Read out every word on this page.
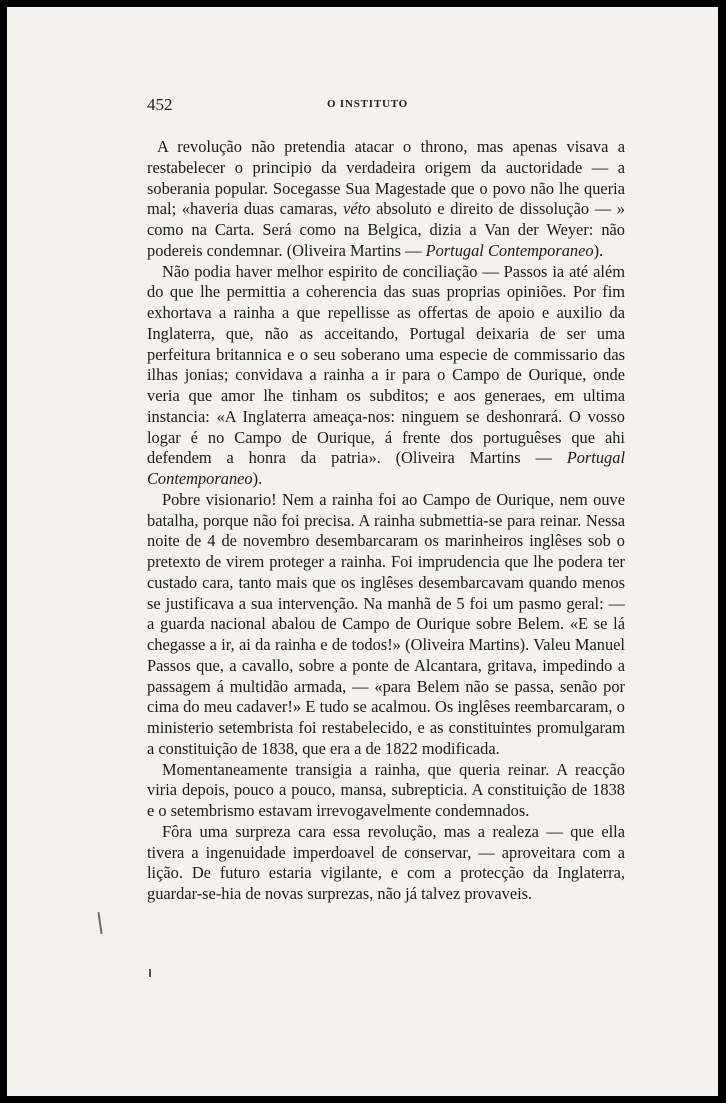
452	O INSTITUTO

A revolução não pretendia atacar o throno, mas apenas visava a restabelecer o principio da verdadeira origem da auctoridade — a soberania popular. Socegasse Sua Magestade que o povo não lhe queria mal; «haveria duas camaras, véto absoluto e direito de dissolução — » como na Carta. Será como na Belgica, dizia a Van der Weyer: não podereis condemnar. (Oliveira Martins — Portugal Contemporaneo).

Não podia haver melhor espirito de conciliação — Passos ia até além do que lhe permittia a coherencia das suas proprias opiniões. Por fim exhortava a rainha a que repellisse as offertas de apoio e auxilio da Inglaterra, que, não as acceitando, Portugal deixaria de ser uma perfeitura britannica e o seu soberano uma especie de commissario das ilhas jonias; convidava a rainha a ir para o Campo de Ourique, onde veria que amor lhe tinham os subditos; e aos generaes, em ultima instancia: «A Inglaterra ameaça-nos: ninguem se deshonrará. O vosso logar é no Campo de Ourique, á frente dos portuguêses que ahi defendem a honra da patria». (Oliveira Martins — Portugal Contemporaneo).

Pobre visionario! Nem a rainha foi ao Campo de Ourique, nem ouve batalha, porque não foi precisa. A rainha submettia-se para reinar. Nessa noite de 4 de novembro desembarcaram os marinheiros inglêses sob o pretexto de virem proteger a rainha. Foi imprudencia que lhe podera ter custado cara, tanto mais que os inglêses desembarcavam quando menos se justificava a sua intervenção. Na manhã de 5 foi um pasmo geral: — a guarda nacional abalou de Campo de Ourique sobre Belem. «E se lá chegasse a ir, ai da rainha e de todos!» (Oliveira Martins). Valeu Manuel Passos que, a cavallo, sobre a ponte de Alcantara, gritava, impedindo a passagem á multidão armada, — «para Belem não se passa, senão por cima do meu cadaver!» E tudo se acalmou. Os inglêses reembarcaram, o ministerio setembrista foi restabelecido, e as constituintes promulgaram a constituição de 1838, que era a de 1822 modificada.

Momentaneamente transigia a rainha, que queria reinar. A reacção viria depois, pouco a pouco, mansa, subrepticia. A constituição de 1838 e o setembrismo estavam irrevogavelmente condemnados.

Fôra uma surpreza cara essa revolução, mas a realeza — que ella tivera a ingenuidade imperdoavel de conservar, — aproveitara com a lição. De futuro estaria vigilante, e com a protecção da Inglaterra, guardar-se-hia de novas surprezas, não já talvez provaveis.
